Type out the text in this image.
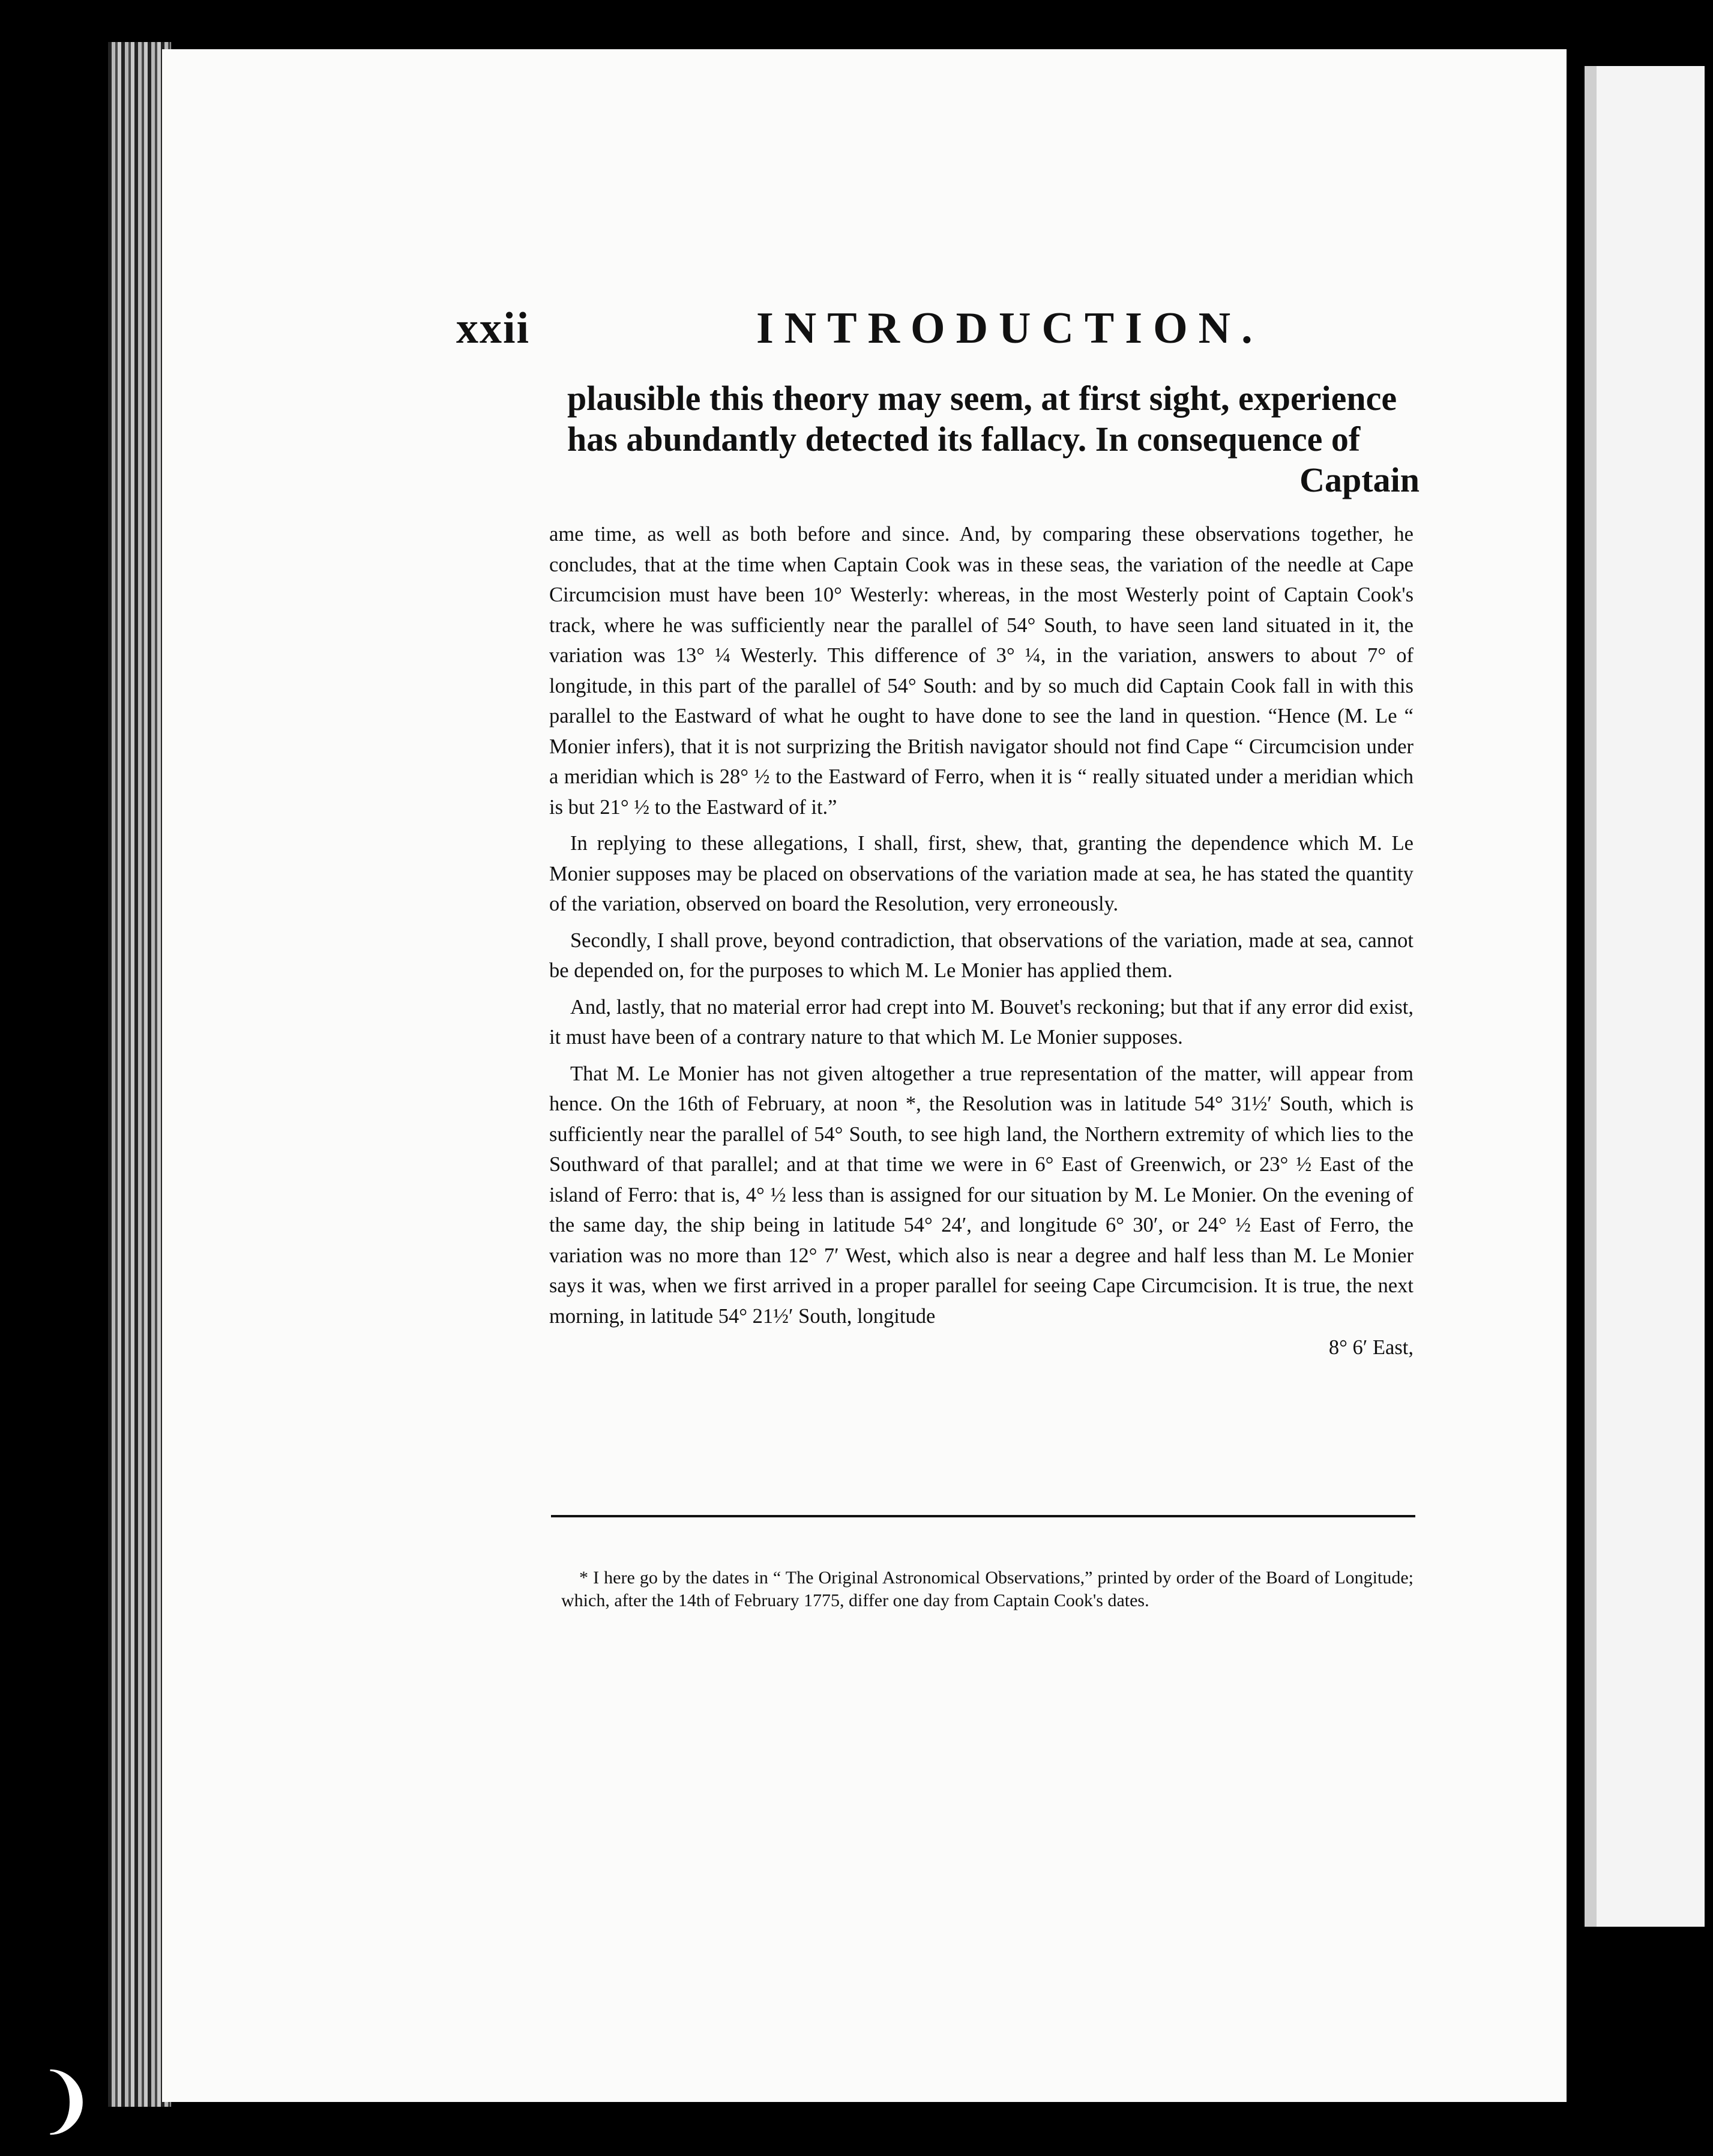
❩
xxii	INTRODUCTION.

plausible this theory may seem, at first sight, experience

has abundantly detected its fallacy. In consequence of

Captain

ame time, as well as both before and since. And, by comparing these observations together, he concludes, that at the time when Captain Cook was in these seas, the variation of the needle at Cape Circumcision must have been 10° Westerly: whereas, in the most Westerly point of Captain Cook's track, where he was sufficiently near the parallel of 54° South, to have seen land situated in it, the variation was 13° ¼ Westerly. This difference of 3° ¼, in the variation, answers to about 7° of longitude, in this part of the parallel of 54° South: and by so much did Captain Cook fall in with this parallel to the Eastward of what he ought to have done to see the land in question. “Hence (M. Le “ Monier infers), that it is not surprizing the British navigator should not find Cape “ Circumcision under a meridian which is 28° ½ to the Eastward of Ferro, when it is “ really situated under a meridian which is but 21° ½ to the Eastward of it.”

In replying to these allegations, I shall, first, shew, that, granting the dependence which M. Le Monier supposes may be placed on observations of the variation made at sea, he has stated the quantity of the variation, observed on board the Resolution, very erroneously.

Secondly, I shall prove, beyond contradiction, that observations of the variation, made at sea, cannot be depended on, for the purposes to which M. Le Monier has applied them.

And, lastly, that no material error had crept into M. Bouvet's reckoning; but that if any error did exist, it must have been of a contrary nature to that which M. Le Monier supposes.

That M. Le Monier has not given altogether a true representation of the matter, will appear from hence. On the 16th of February, at noon *, the Resolution was in latitude 54° 31½′ South, which is sufficiently near the parallel of 54° South, to see high land, the Northern extremity of which lies to the Southward of that parallel; and at that time we were in 6° East of Greenwich, or 23° ½ East of the island of Ferro: that is, 4° ½ less than is assigned for our situation by M. Le Monier. On the evening of the same day, the ship being in latitude 54° 24′, and longitude 6° 30′, or 24° ½ East of Ferro, the variation was no more than 12° 7′ West, which also is near a degree and half less than M. Le Monier says it was, when we first arrived in a proper parallel for seeing Cape Circumcision. It is true, the next morning, in latitude 54° 21½′ South, longitude

8° 6′ East,

* I here go by the dates in “ The Original Astronomical Observations,” printed by order of the Board of Longitude; which, after the 14th of February 1775, differ one day from Captain Cook's dates.
